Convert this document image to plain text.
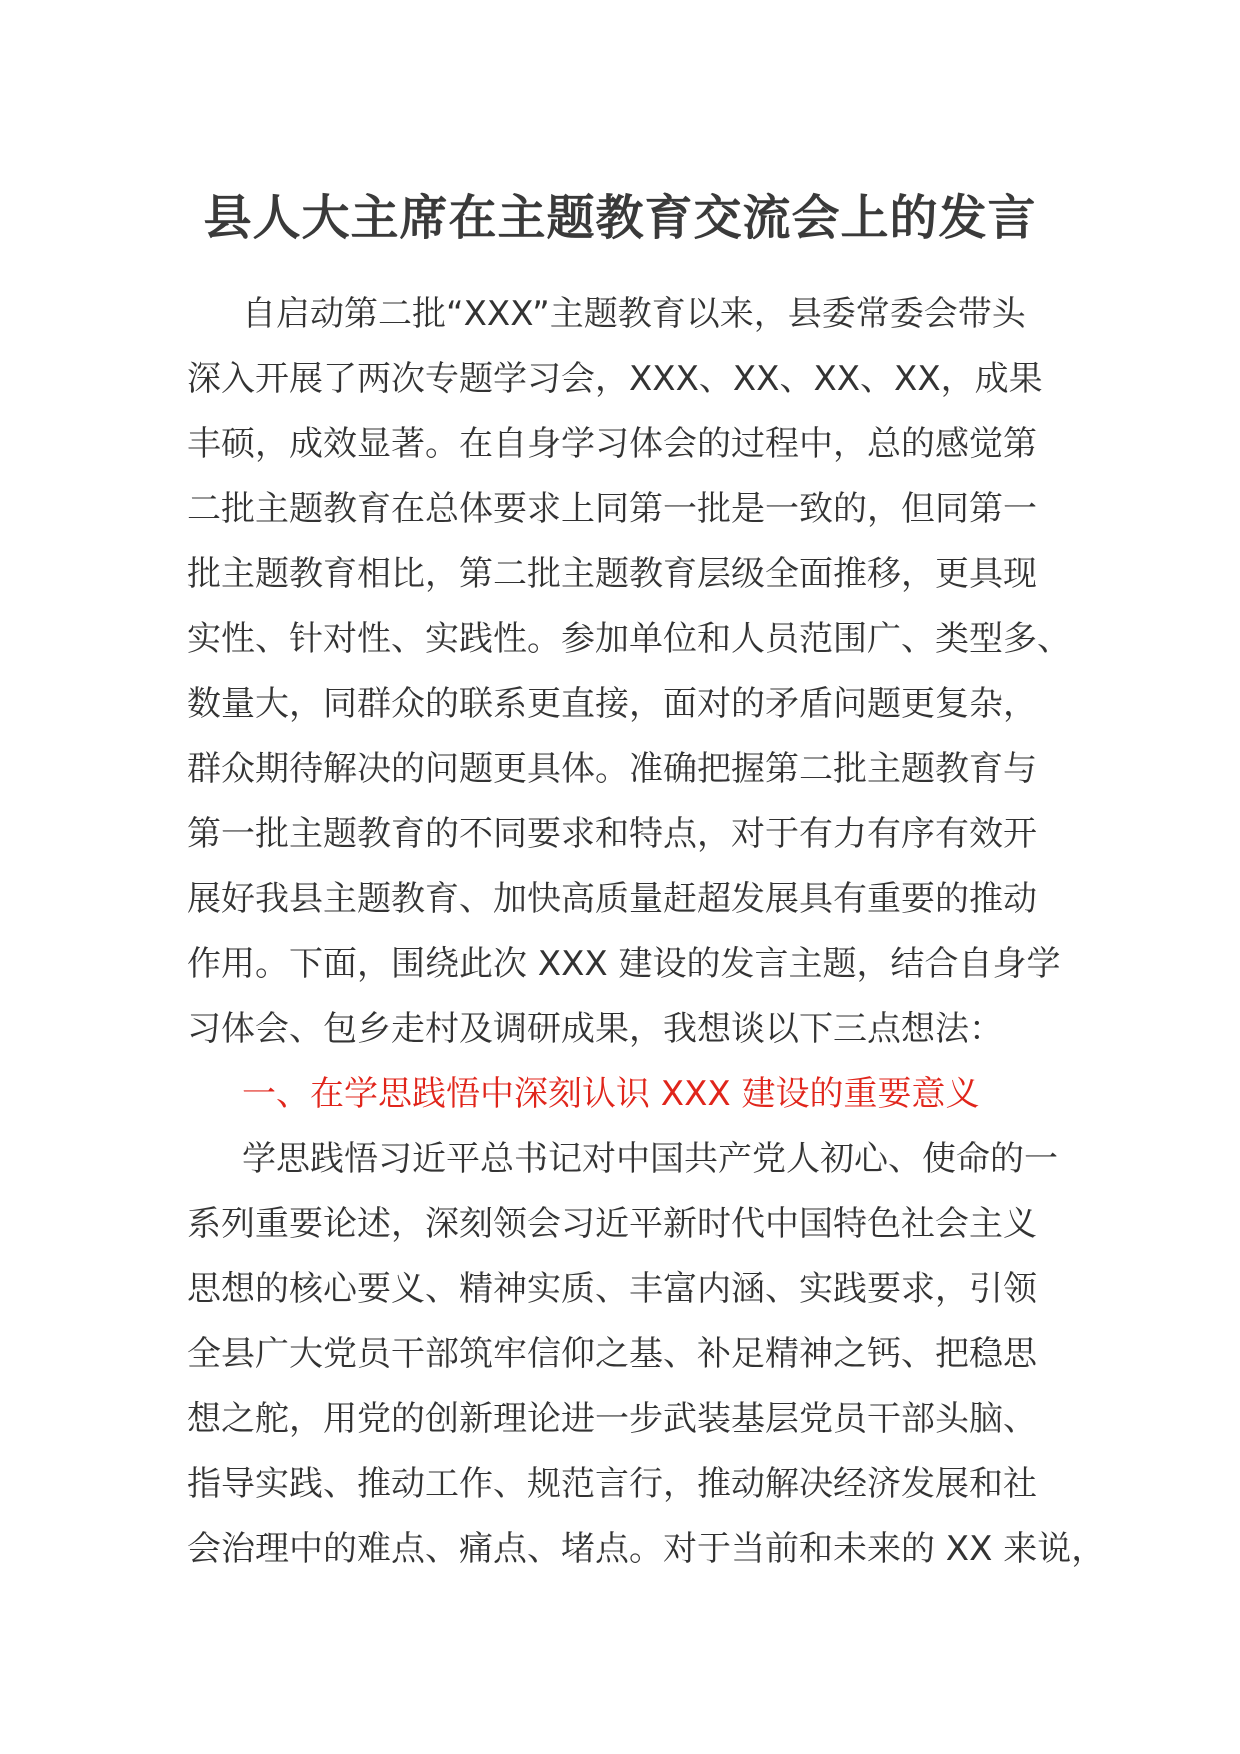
县人大主席在主题教育交流会上的发言
自启动第二批“XXX”主题教育以来，县委常委会带头
深入开展了两次专题学习会，XXX、XX、XX、XX，成果
丰硕，成效显著。在自身学习体会的过程中，总的感觉第
二批主题教育在总体要求上同第一批是一致的，但同第一
批主题教育相比，第二批主题教育层级全面推移，更具现
实性、针对性、实践性。参加单位和人员范围广、类型多、
数量大，同群众的联系更直接，面对的矛盾问题更复杂，
群众期待解决的问题更具体。准确把握第二批主题教育与
第一批主题教育的不同要求和特点，对于有力有序有效开
展好我县主题教育、加快高质量赶超发展具有重要的推动
作用。下面，围绕此次 XXX 建设的发言主题，结合自身学
习体会、包乡走村及调研成果，我想谈以下三点想法：
一、在学思践悟中深刻认识 XXX 建设的重要意义
学思践悟习近平总书记对中国共产党人初心、使命的一
系列重要论述，深刻领会习近平新时代中国特色社会主义
思想的核心要义、精神实质、丰富内涵、实践要求，引领
全县广大党员干部筑牢信仰之基、补足精神之钙、把稳思
想之舵，用党的创新理论进一步武装基层党员干部头脑、
指导实践、推动工作、规范言行，推动解决经济发展和社
会治理中的难点、痛点、堵点。对于当前和未来的 XX 来说，
